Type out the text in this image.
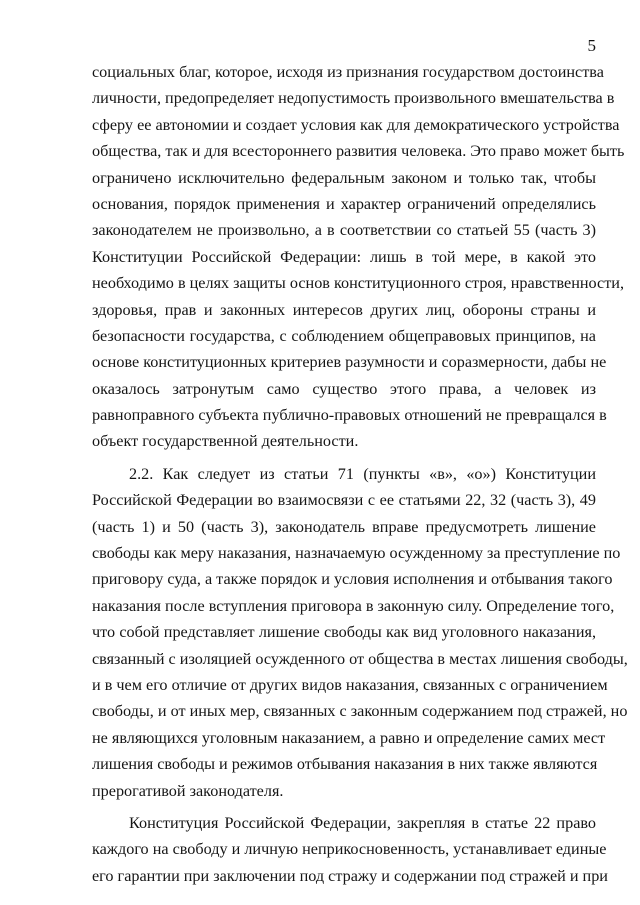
5
социальных благ, которое, исходя из признания государством достоинства
личности, предопределяет недопустимость произвольного вмешательства в
сферу ее автономии и создает условия как для демократического устройства
общества, так и для всестороннего развития человека. Это право может быть
ограничено исключительно федеральным законом и только так, чтобы
основания, порядок применения и характер ограничений определялись
законодателем не произвольно, а в соответствии со статьей 55 (часть 3)
Конституции Российской Федерации: лишь в той мере, в какой это
необходимо в целях защиты основ конституционного строя, нравственности,
здоровья, прав и законных интересов других лиц, обороны страны и
безопасности государства, с соблюдением общеправовых принципов, на
основе конституционных критериев разумности и соразмерности, дабы не
оказалось затронутым само существо этого права, а человек из
равноправного субъекта публично-правовых отношений не превращался в
объект государственной деятельности.
2.2. Как следует из статьи 71 (пункты «в», «о») Конституции
Российской Федерации во взаимосвязи с ее статьями 22, 32 (часть 3), 49
(часть 1) и 50 (часть 3), законодатель вправе предусмотреть лишение
свободы как меру наказания, назначаемую осужденному за преступление по
приговору суда, а также порядок и условия исполнения и отбывания такого
наказания после вступления приговора в законную силу. Определение того,
что собой представляет лишение свободы как вид уголовного наказания,
связанный с изоляцией осужденного от общества в местах лишения свободы,
и в чем его отличие от других видов наказания, связанных с ограничением
свободы, и от иных мер, связанных с законным содержанием под стражей, но
не являющихся уголовным наказанием, а равно и определение самих мест
лишения свободы и режимов отбывания наказания в них также являются
прерогативой законодателя.
Конституция Российской Федерации, закрепляя в статье 22 право
каждого на свободу и личную неприкосновенность, устанавливает единые
его гарантии при заключении под стражу и содержании под стражей и при
